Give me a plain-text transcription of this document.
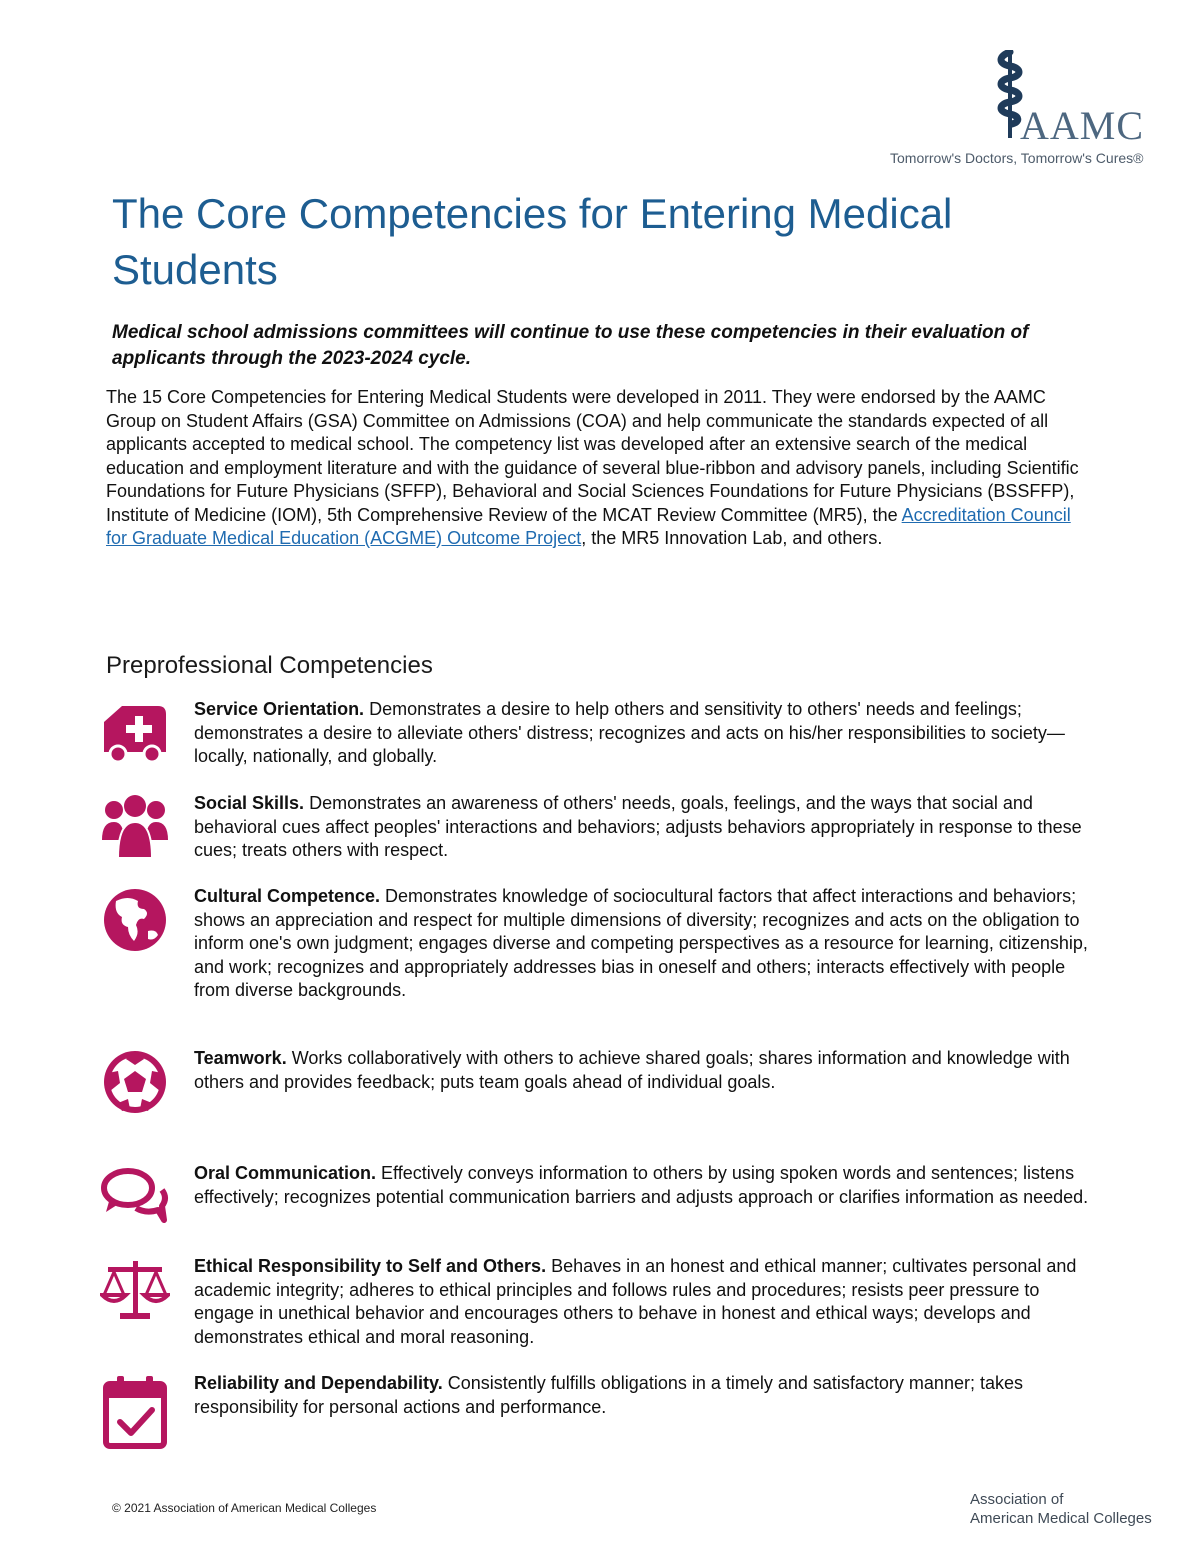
AAMC
Tomorrow's Doctors, Tomorrow's Cures®
The Core Competencies for Entering Medical Students

Medical school admissions committees will continue to use these competencies in their evaluation of applicants through the 2023-2024 cycle.

The 15 Core Competencies for Entering Medical Students were developed in 2011. They were endorsed by the AAMC Group on Student Affairs (GSA) Committee on Admissions (COA) and help communicate the standards expected of all applicants accepted to medical school. The competency list was developed after an extensive search of the medical education and employment literature and with the guidance of several blue-ribbon and advisory panels, including Scientific Foundations for Future Physicians (SFFP), Behavioral and Social Sciences Foundations for Future Physicians (BSSFFP), Institute of Medicine (IOM), 5th Comprehensive Review of the MCAT Review Committee (MR5), the Accreditation Council for Graduate Medical Education (ACGME) Outcome Project, the MR5 Innovation Lab, and others.

Preprofessional Competencies

Service Orientation. Demonstrates a desire to help others and sensitivity to others' needs and feelings; demonstrates a desire to alleviate others' distress; recognizes and acts on his/her responsibilities to society—locally, nationally, and globally.

Social Skills. Demonstrates an awareness of others' needs, goals, feelings, and the ways that social and behavioral cues affect peoples' interactions and behaviors; adjusts behaviors appropriately in response to these cues; treats others with respect.

Cultural Competence. Demonstrates knowledge of sociocultural factors that affect interactions and behaviors; shows an appreciation and respect for multiple dimensions of diversity; recognizes and acts on the obligation to inform one's own judgment; engages diverse and competing perspectives as a resource for learning, citizenship, and work; recognizes and appropriately addresses bias in oneself and others; interacts effectively with people from diverse backgrounds.

Teamwork. Works collaboratively with others to achieve shared goals; shares information and knowledge with others and provides feedback; puts team goals ahead of individual goals.

Oral Communication. Effectively conveys information to others by using spoken words and sentences; listens effectively; recognizes potential communication barriers and adjusts approach or clarifies information as needed.

Ethical Responsibility to Self and Others. Behaves in an honest and ethical manner; cultivates personal and academic integrity; adheres to ethical principles and follows rules and procedures; resists peer pressure to engage in unethical behavior and encourages others to behave in honest and ethical ways; develops and demonstrates ethical and moral reasoning.

Reliability and Dependability. Consistently fulfills obligations in a timely and satisfactory manner; takes responsibility for personal actions and performance.

© 2021 Association of American Medical Colleges	Association of
American Medical Colleges
